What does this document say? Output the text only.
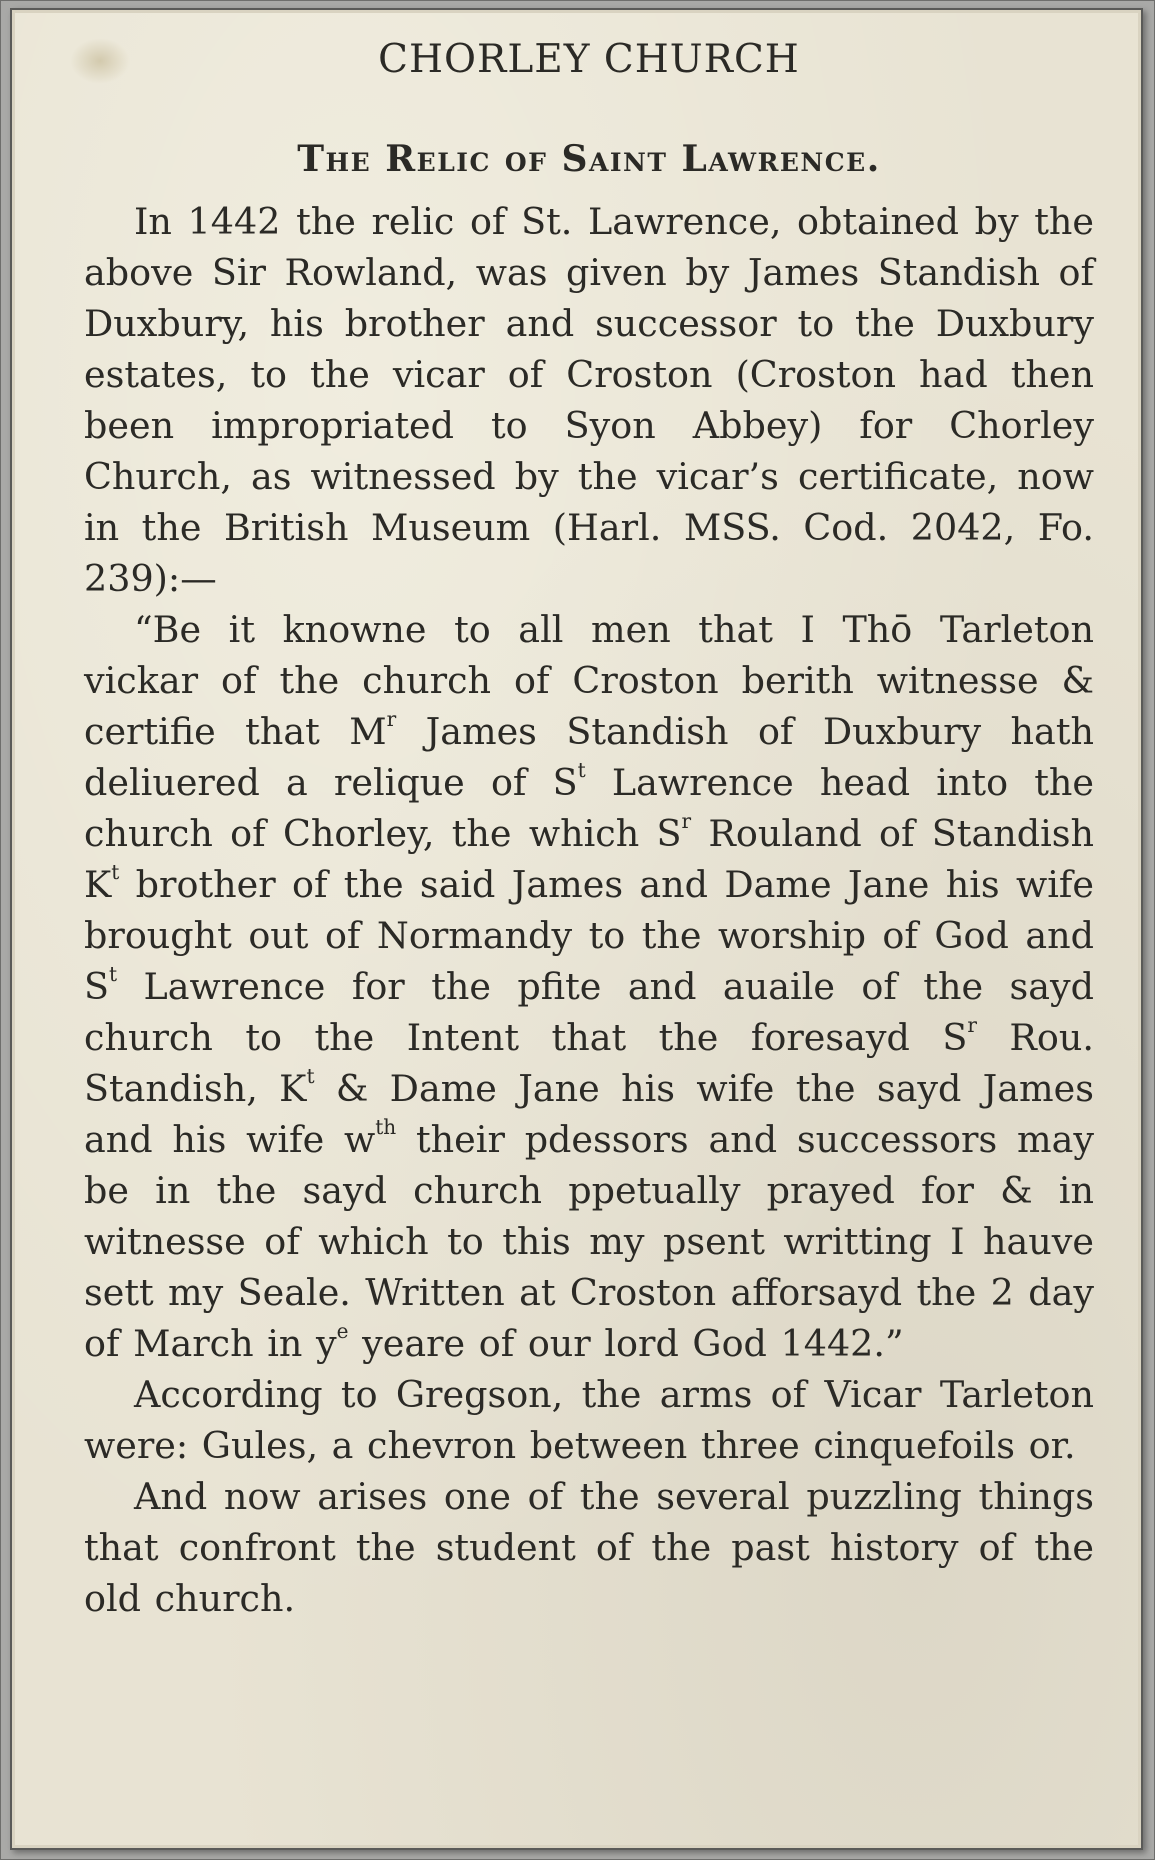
CHORLEY CHURCH
The Relic of Saint Lawrence.

In 1442 the relic of St. Lawrence, obtained by the above Sir Rowland, was given by James Standish of Duxbury, his brother and successor to the Duxbury estates, to the vicar of Croston (Croston had then been impropriated to Syon Abbey) for Chorley Church, as witnessed by the vicar’s certificate, now in the British Museum (Harl. MSS. Cod. 2042, Fo. 239):—

“Be it knowne to all men that I Thō Tarleton vickar of the church of Croston berith witnesse & certifie that $M^r$ James Standish of Duxbury hath deliuered a relique of $S^t$ Lawrence head into the church of Chorley, the which $S^r$ Rouland of Standish $K^t$ brother of the said James and Dame Jane his wife brought out of Normandy to the worship of God and $S^t$ Lawrence for the pfite and auaile of the sayd church to the Intent that the foresayd $S^r$ Rou. Standish, $K^t$ & Dame Jane his wife the sayd James and his wife $w^{th}$ their pdessors and successors may be in the sayd church ppetually prayed for & in witnesse of which to this my psent writting I hauve sett my Seale. Written at Croston afforsayd the 2 day of March in $y^e$ yeare of our lord God 1442.”

According to Gregson, the arms of Vicar Tarleton were: Gules, a chevron between three cinquefoils or.

And now arises one of the several puzzling things that confront the student of the past history of the old church.
